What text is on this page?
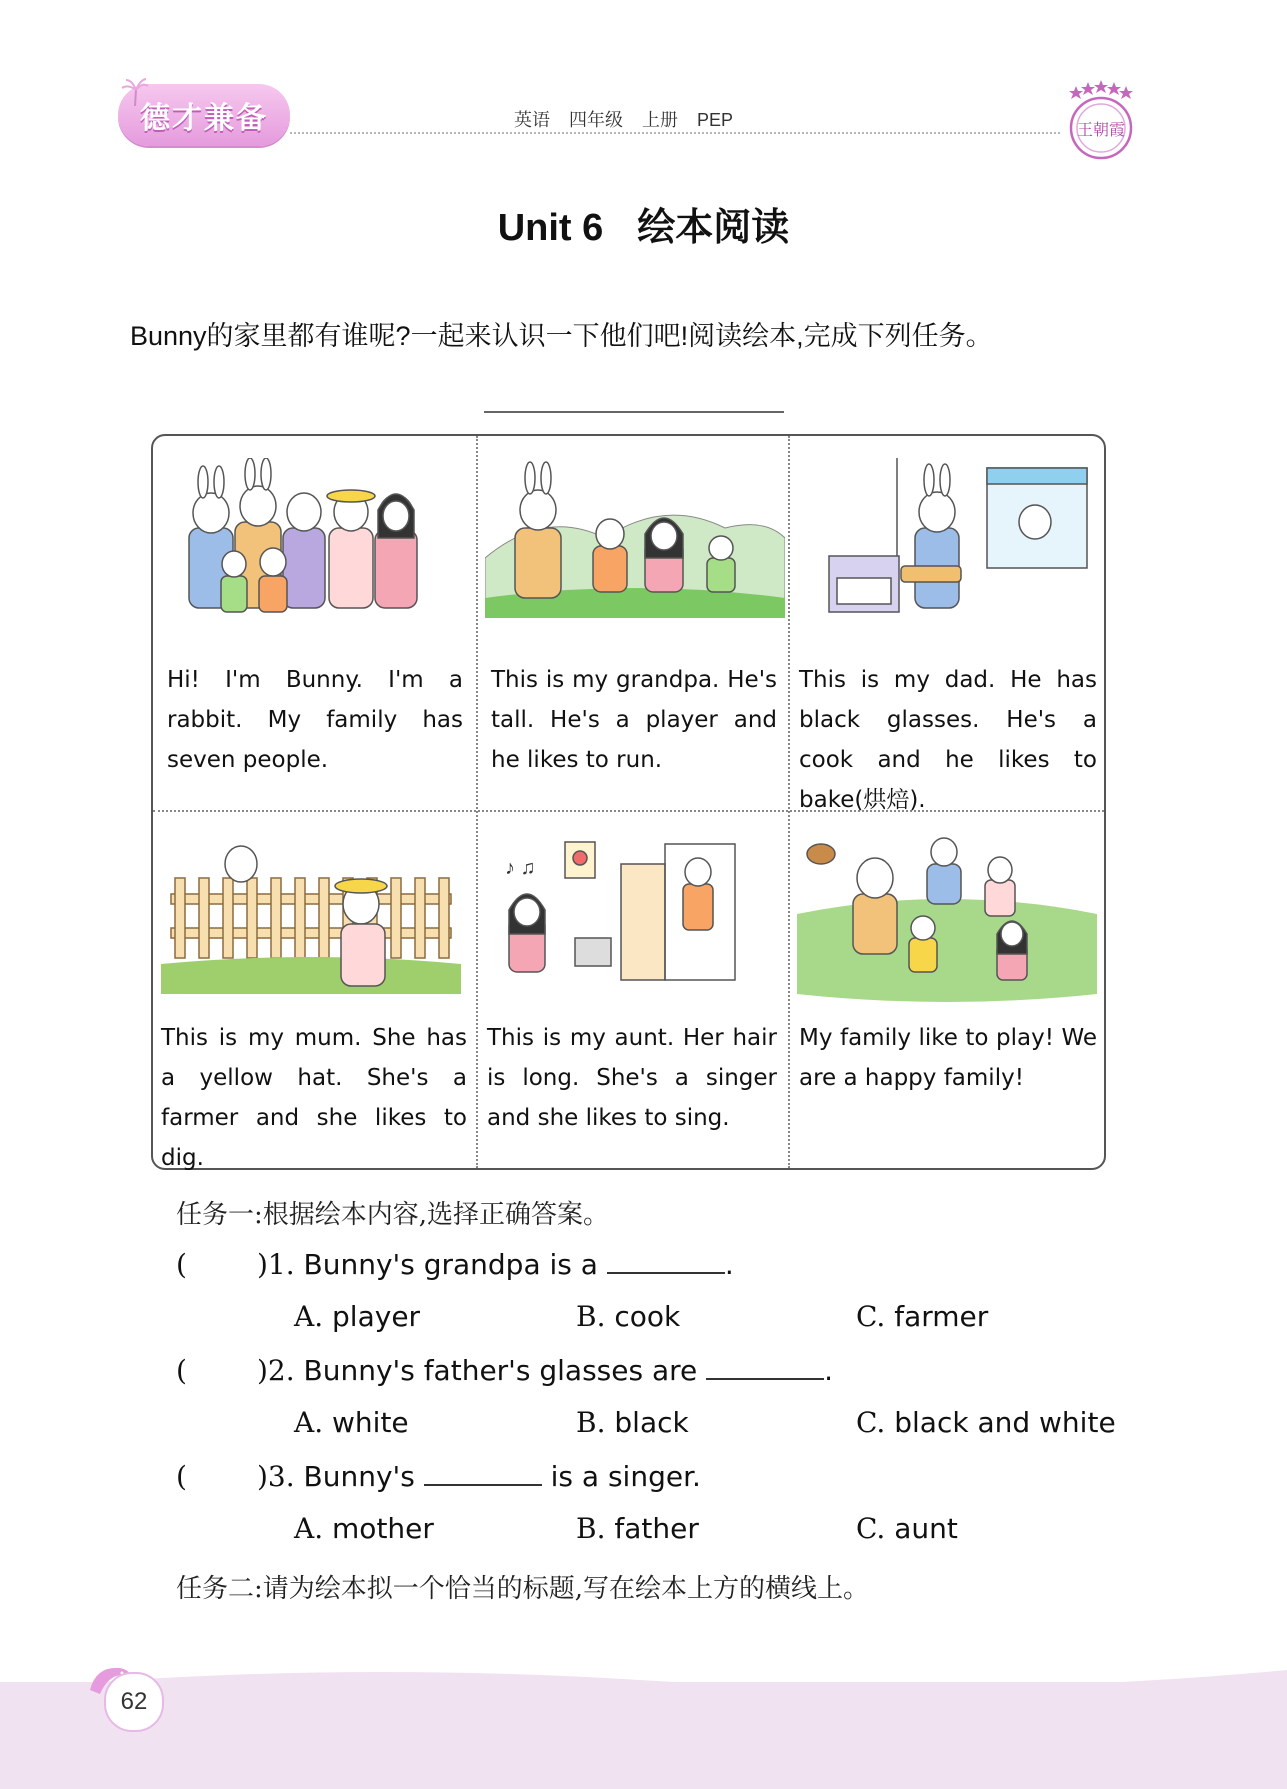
德才兼备	英语 四年级 上册 PEP	王朝霞
Unit 6 绘本阅读
Bunny的家里都有谁呢?一起来认识一下他们吧!阅读绘本,完成下列任务。
Hi! I'm Bunny. I'm a rabbit. My family has seven people.
This is my grandpa. He's tall. He's a player and he likes to run.
This is my dad. He has black glasses. He's a cook and he likes to bake(烘焙).
This is my mum. She has a yellow hat. She's a farmer and she likes to dig.
♪ ♫
This is my aunt. Her hair is long. She's a singer and she likes to sing.
My family like to play! We are a happy family!
任务一:根据绘本内容,选择正确答案。
(	)1. Bunny's grandpa is a	.
A. player	B. cook	C. farmer
(	)2. Bunny's father's glasses are	.
A. white	B. black	C. black and white
(	)3. Bunny's	is a singer.
A. mother	B. father	C. aunt
任务二:请为绘本拟一个恰当的标题,写在绘本上方的横线上。
62
